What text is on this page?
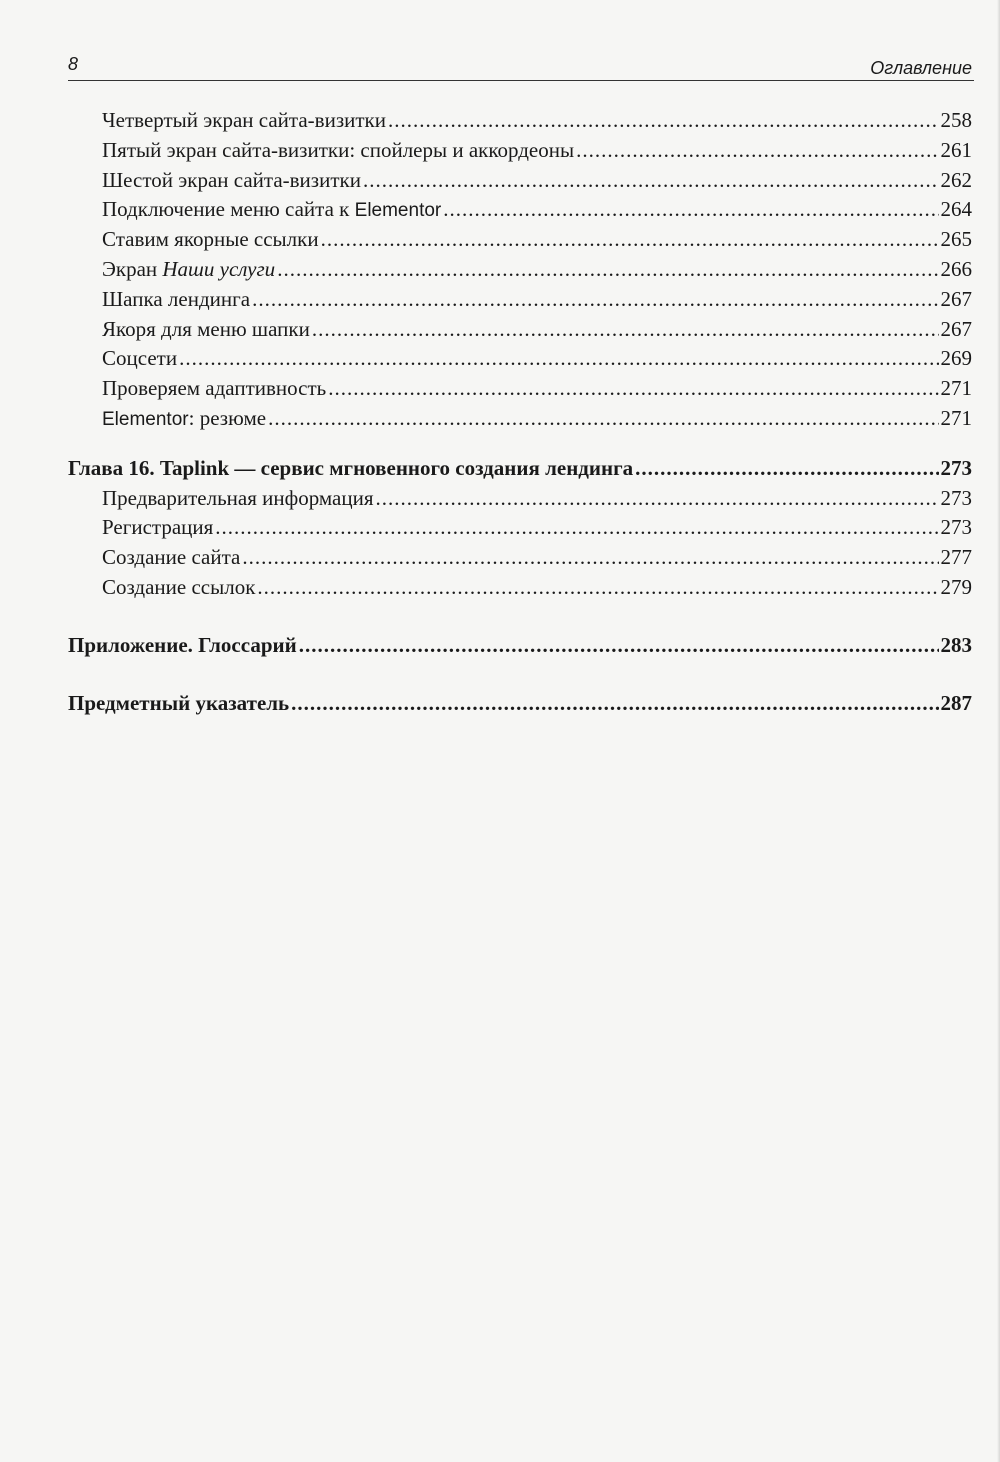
8	Оглавление
Четвертый экран сайта-визитки .....	258
Пятый экран сайта-визитки: спойлеры и аккордеоны .....	261
Шестой экран сайта-визитки .....	262
Подключение меню сайта к Elementor .....	264
Ставим якорные ссылки .....	265
Экран Наши услуги .....	266
Шапка лендинга .....	267
Якоря для меню шапки .....	267
Соцсети .....	269
Проверяем адаптивность .....	271
Elementor: резюме .....	271
Глава 16. Taplink — сервис мгновенного создания лендинга .....	273
Предварительная информация .....	273
Регистрация .....	273
Создание сайта .....	277
Создание ссылок .....	279
Приложение. Глоссарий .....	283
Предметный указатель .....	287
